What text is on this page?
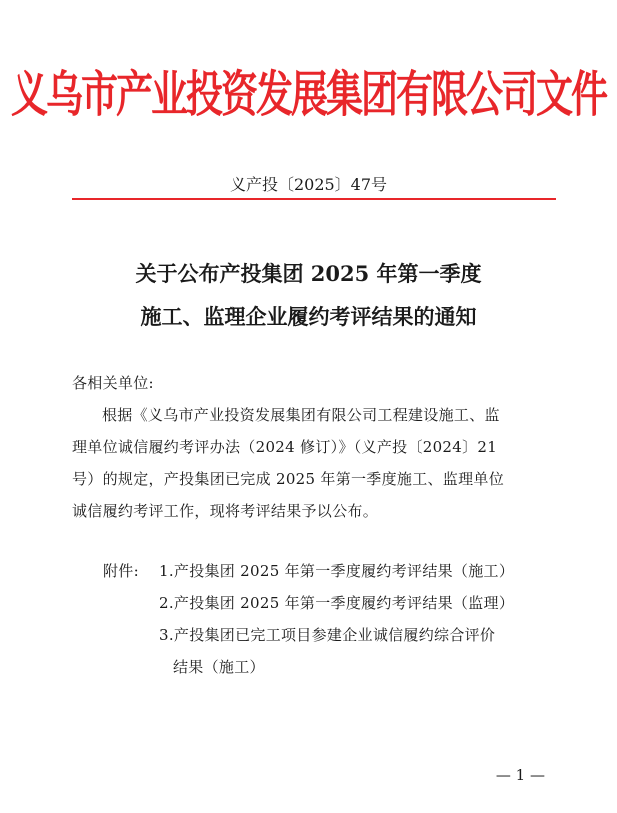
义乌市产业投资发展集团有限公司文件
义产投〔2025〕47号
关于公布产投集团 2025 年第一季度
施工、监理企业履约考评结果的通知
各相关单位:
根据《义乌市产业投资发展集团有限公司工程建设施工、监
理单位诚信履约考评办法（2024 修订）》（义产投〔2024〕21
号）的规定，产投集团已完成 2025 年第一季度施工、监理单位
诚信履约考评工作，现将考评结果予以公布。
附件: 1.产投集团 2025 年第一季度履约考评结果（施工）
2.产投集团 2025 年第一季度履约考评结果（监理）
3.产投集团已完工项目参建企业诚信履约综合评价
结果（施工）
— 1 —
